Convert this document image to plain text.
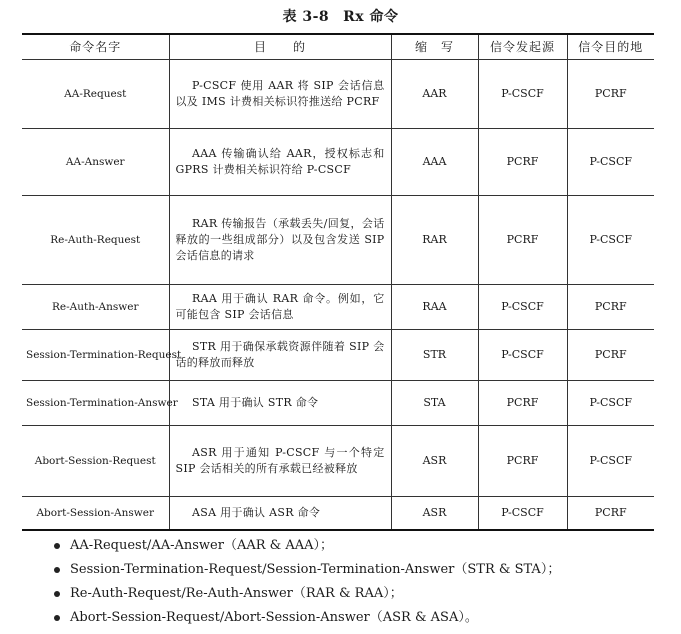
表 3-8 Rx 命令
命令名字	目　　的	缩　写	信令发起源	信令目的地
AA-Request	P-CSCF 使用 AAR 将 SIP 会话信息以及 IMS 计费相关标识符推送给 PCRF	AAR	P-CSCF	PCRF
AA-Answer	AAA 传输确认给 AAR，授权标志和 GPRS 计费相关标识符给 P-CSCF	AAA	PCRF	P-CSCF
Re-Auth-Request	RAR 传输报告（承载丢失/回复，会话释放的一些组成部分）以及包含发送 SIP 会话信息的请求	RAR	PCRF	P-CSCF
Re-Auth-Answer	RAA 用于确认 RAR 命令。例如，它可能包含 SIP 会话信息	RAA	P-CSCF	PCRF
Session-Termination-Request	STR 用于确保承载资源伴随着 SIP 会话的释放而释放	STR	P-CSCF	PCRF
Session-Termination-Answer	STA 用于确认 STR 命令	STA	PCRF	P-CSCF
Abort-Session-Request	ASR 用于通知 P-CSCF 与一个特定 SIP 会话相关的所有承载已经被释放	ASR	PCRF	P-CSCF
Abort-Session-Answer	ASA 用于确认 ASR 命令	ASR	P-CSCF	PCRF
AA-Request/AA-Answer（AAR & AAA）；
Session-Termination-Request/Session-Termination-Answer（STR & STA）；
Re-Auth-Request/Re-Auth-Answer（RAR & RAA）；
Abort-Session-Request/Abort-Session-Answer（ASR & ASA）。
